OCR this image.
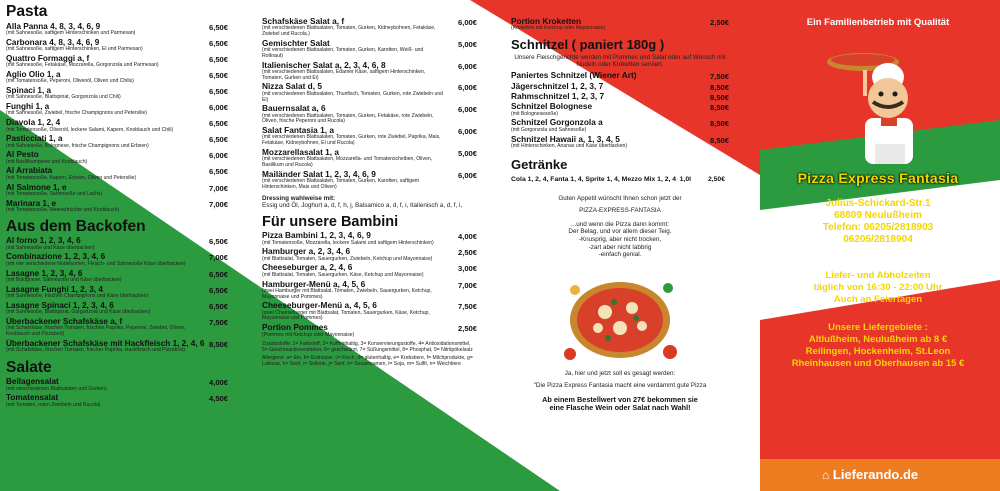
Pasta
Alla Panna 4, 8, 3, 4, 6, 9
(mit Sahnesoße, saftigem Hinterschinken und Parmesan)
6,50€
Carbonara 4, 8, 3, 4, 6, 9
(mit Sahnesoße, saftigem Hinterschinken, Ei und Parmesan)
6,50€
Quattro Formaggi a, f
(mit Sahnesoße, Fetakäse, Mozzarella, Gorgonzola und Parmesan)
6,50€
Aglio Olio 1, a
(mit Tomatensoße, Peperoni, Olivenöl, Oliven und Chilis)
6,50€
Spinaci 1, a
(mit Sahnesoße, Blattspinat, Gorgonzola und Chili)
6,50€
Funghi 1, a
(mit Sahnesoße, Zwiebel, frische Champignons und Petersilie)
6,00€
Diavola 1, 2, 4
(mit Tomatensoße, Olivenöl, leckere Salami, Kapern, Knoblauch und Chili)
6,50€
Pasticciati 1, a
(mit Sahnesoße, Bolognese, frische Champignons und Erbsen)
6,50€
Al Pesto
(mit Basilikumpesto und Knoblauch)
6,00€
Al Arrabiata
(mit Tomatensoße, Kapern, Erbsen, Oliven und Petersilie)
6,50€
Al Salmone 1, e
(mit Tomatensoße, Sahnesoße und Lachs)
7,00€
Marinara 1, e
(mit Tomatensoße, Meeresfrüchte und Knoblauch)
7,00€
Aus dem Backofen
Al forno 1, 2, 3, 4, 6
(mit Sahnesoße und Käse überbacken)
6,50€
Combinazione 1, 2, 3, 4, 6
(mit vier verschiedene Nudelsorten, Fleisch- und Sahnesoße Käse überbacken)
7,00€
Lasagne 1, 2, 3, 4, 6
(mit Bolognese, Sahnesoße und Käse überbacken)
6,50€
Lasagne Funghi 1, 2, 3, 4
(mit Sahnesoße, frischen Champignons und Käse überbacken)
6,50€
Lasagne Spinaci 1, 2, 3, 4, 6
(mit Sahnesoße, Blattspinat, Gorgonzola und Käse überbacken)
6,50€
Überbackener Schafskäse a, f
(mit Schafskäse, frischen Tomaten, frischen Paprika, Peperoni, Zwiebel, Oliven, Knoblauch und Pizzabrot)
7,50€
Überbackener Schafskäse mit Hackfleisch 1, 2, 4, 6
(mit Schafskäse, frischen Tomaten, frischer Paprika, Hackfleisch und Pizzabrot)
8,50€
Salate
Beilagensalat
(mit verschiedenen Blattsalaten und Gurken)
4,00€
Tomatensalat
(mit Tomaten, roten Zwiebeln und Rucola)
4,50€
Schafskäse Salat a, f
(mit verschiedenen Blattsalaten, Tomaten, Gurken, Kidneybohnen, Fetakäse, Zwiebel und Rucola.)
6,00€
Gemischter Salat
(mit verschiedenen Blattsalaten, Tomaten, Gurken, Karotten, Weiß- und Rotkraut)
5,00€
Italienischer Salat a, 2, 3, 4, 6, 8
(mit verschiedenen Blattsalaten, Edamer Käse, saftigem Hinterschinken, Tomaten, Gurken und Ei)
6,00€
Nizza Salat d, 5
(mit verschiedenen Blattsalaten, Thunfisch, Tomaten, Gurken, rote Zwiebeln und Ei)
6,00€
Bauernsalat a, 6
(mit verschiedenen Blattsalaten, Tomaten, Gurken, Fetakäse, rote Zwiebeln, Oliven, frische Peperoni und Rucola)
6,00€
Salat Fantasia 1, a
(mit verschiedenen Blattsalaten, Tomaten, Gurken, rote Zwiebel, Paprika, Mais, Fetakäse, Kidneybohnen, Ei und Rucola)
6,00€
Mozzarellasalat 1, a
(mit verschiedenen Blattsalaten, Mozzarella- und Tomatenscheiben, Oliven, Basilikum und Rucola)
5,00€
Mailänder Salat 1, 2, 3, 4, 6, 9
(mit verschiedenen Blattsalaten, Tomaten, Gurken, Karotten, saftigem Hinterschinken, Mais und Oliven)
6,00€
Dressing wahlweise mit:
Essig und Öl, Joghurt a, d, f, h, j, Balsamico a, d, f, i, Italienisch a, d, f, i,
Für unsere Bambini
Pizza Bambini 1, 2, 3, 4, 6, 9
(mit Tomatensoße, Mozzarella, leckere Salami und saftigem Hinterschinken)
4,00€
Hamburger a, 2, 3, 4, 6
(mit Blattsalat, Tomaten, Sauergurken, Zwiebeln, Ketchup und Mayonnaise)
2,50€
Cheeseburger a, 2, 4, 6
(mit Blattsalat, Tomaten, Sauergurken, Käse, Ketchup und Mayonnaise)
3,00€
Hamburger-Menü a, 4, 5, 6
(zwei Hamburger mit Blattsalat, Tomaten, Zwiebeln, Sauergurken, Ketchup, Mayonnaise und Pommes)
7,00€
Cheeseburger-Menü a, 4, 5, 6
(zwei Cheeseburger mit Blattsalat, Tomaten, Sauergurken, Käse, Ketchup, Mayonnaise und Pommes)
7,50€
Portion Pommes
(Pommes mit Ketchup oder Mayonnaise)
2,50€
Zusatzstoffe: 1= Farbstoff, 2= Koffeinhaltig, 3= Konservierungsstoffe, 4= Antioxidationsmittel, 5= Geschmacksverstärker, 6= geschwärzt, 7= Süßungsmittel, 8= Phosphat, 9= Nitritpökelsalz
Allergene: a= Ein, b= Erdnüsse, c= Fisch, d= glutenhaltig, e= Krebstiere, f= Milchprodukte, g= Laktose, h= Senf, i= Sellerie, j= Senf, k= Sesamsamen, l= Soja, m= Sulfit, n= Weichtiere
Portion Kroketten
(Kroketten mit Ketchup oder Mayonnaise)
2,50€
Schnitzel ( paniert 180g )
Unsere Fleischgerichte werden mit Pommes und Salat oder auf Wunsch mit Nudeln oder Kroketten serviert.
Paniertes Schnitzel (Wiener Art)	7,50€
Jägerschnitzel 1, 2, 3, 7	8,50€
Rahmschnitzel 1, 2, 3, 7	8,50€
Schnitzel Bolognese
(mit Bolognesesoße)
8,50€
Schnitzel Gorgonzola a
(mit Gorgonzola und Sahnesoße)
8,50€
Schnitzel Hawaii a, 1, 3, 4, 5
(mit Hinterschinken, Ananas und Käse überbacken)
8,50€
Getränke
Cola 1, 2, 4, Fanta 1, 4, Sprite 1, 4, Mezzo Mix 1, 2, 4 1,0l 2,50€
Guten Appetit wünscht Ihnen schon jetzt der
PIZZA-EXPRESS-FANTASIA
...und wenn die Pizza dann kommt:
Der Belag, und vor allem dieser Teig.
-Knusprig, aber nicht trocken,
-zart aber nicht labbrig
-einfach genial.
Ja, hier und jetzt soll es gesagt werden:
"Die Pizza Express Fantasia macht eine verdammt gute Pizza
Ab einem Bestellwert von 27€ bekommen sie eine Flasche Wein oder Salat nach Wahl!
Ein Familienbetrieb mit Qualität
Pizza Express Fantasia
Julius-Schickard-Str.1
68809 Neulußheim
Telefon: 06205/2818903
06205/2818904
Liefer- und Abholzeiten
täglich von 16:30 - 22:00 Uhr
Auch an Feiertagen
Unsere Liefergebiete :
Altlußheim, Neulußheim ab 8 €
Reilingen, Hockenheim, St.Leon
Rheinhausen und Oberhausen ab 15 €
⌂ Lieferando.de
